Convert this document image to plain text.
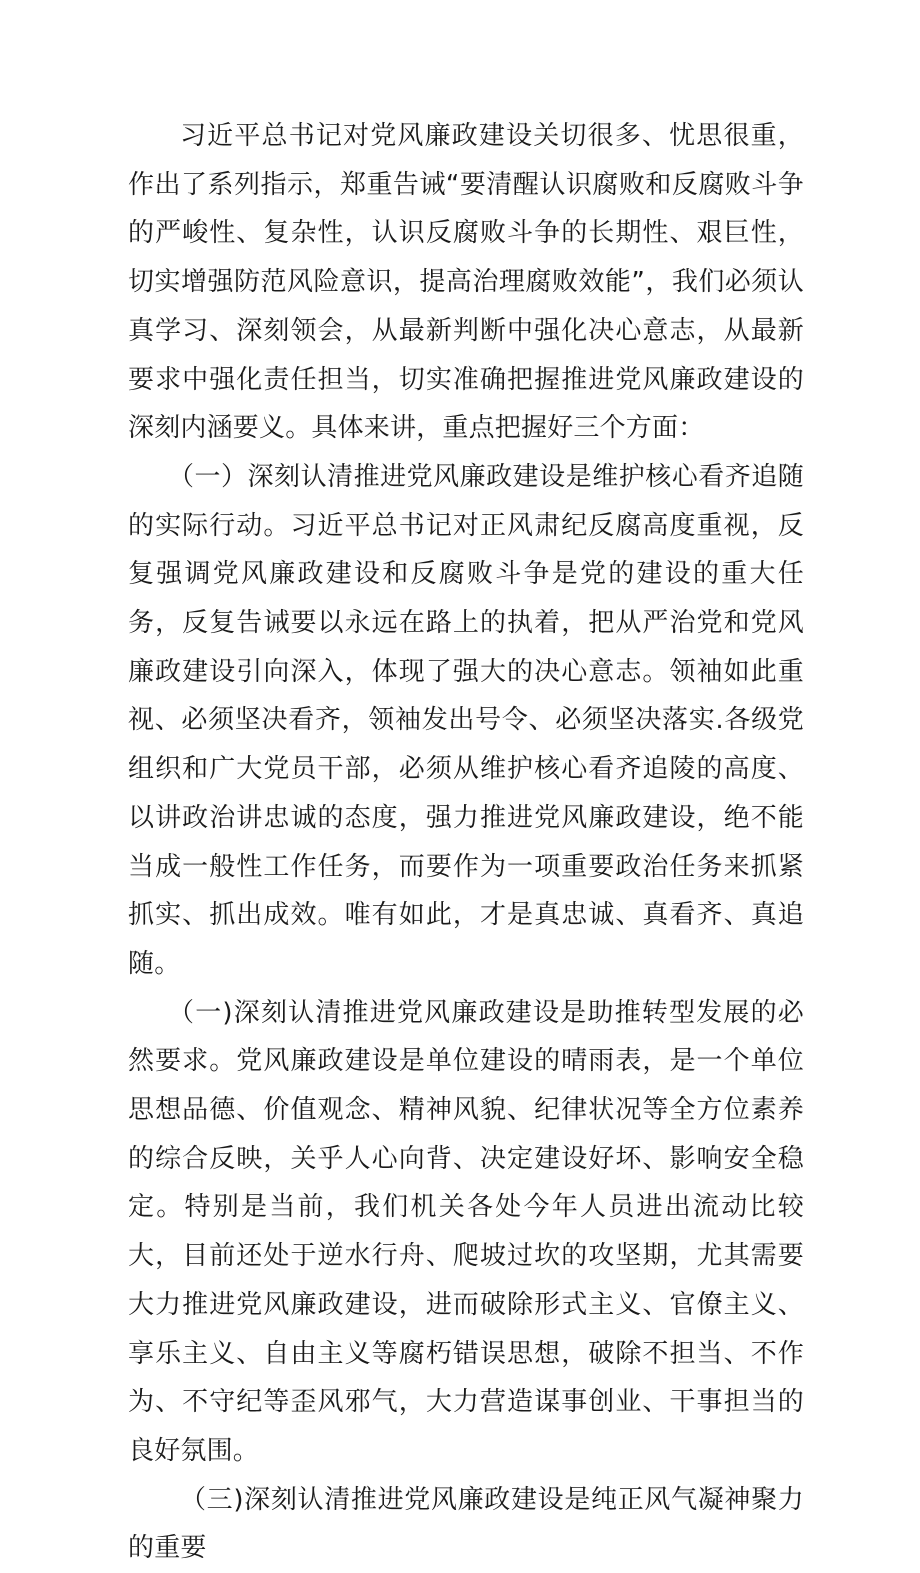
习近平总书记对党风廉政建设关切很多、忧思很重，作出了系列指示，郑重告诫“要清醒认识腐败和反腐败斗争的严峻性、复杂性，认识反腐败斗争的长期性、艰巨性，切实增强防范风险意识，提高治理腐败效能”，我们必须认真学习、深刻领会，从最新判断中强化决心意志，从最新要求中强化责任担当，切实准确把握推进党风廉政建设的深刻内涵要义。具体来讲，重点把握好三个方面：

（一）深刻认清推进党风廉政建设是维护核心看齐追随的实际行动。习近平总书记对正风肃纪反腐高度重视，反复强调党风廉政建设和反腐败斗争是党的建设的重大任务，反复告诫要以永远在路上的执着，把从严治党和党风廉政建设引向深入，体现了强大的决心意志。领袖如此重视、必须坚决看齐，领袖发出号令、必须坚决落实.各级党组织和广大党员干部，必须从维护核心看齐追陵的高度、以讲政治讲忠诚的态度，强力推进党风廉政建设，绝不能当成一般性工作任务，而要作为一项重要政治任务来抓紧抓实、抓出成效。唯有如此，才是真忠诚、真看齐、真追随。

（一)深刻认清推进党风廉政建设是助推转型发展的必然要求。党风廉政建设是单位建设的晴雨表，是一个单位思想品德、价值观念、精神风貌、纪律状况等全方位素养的综合反映，关乎人心向背、决定建设好坏、影响安全稳定。特别是当前，我们机关各处今年人员进出流动比较大，目前还处于逆水行舟、爬坡过坎的攻坚期，尤其需要大力推进党风廉政建设，进而破除形式主义、官僚主义、享乐主义、自由主义等腐朽错误思想，破除不担当、不作为、不守纪等歪风邪气，大力营造谋事创业、干事担当的良好氛围。

（三)深刻认清推进党风廉政建设是纯正风气凝神聚力的重要
